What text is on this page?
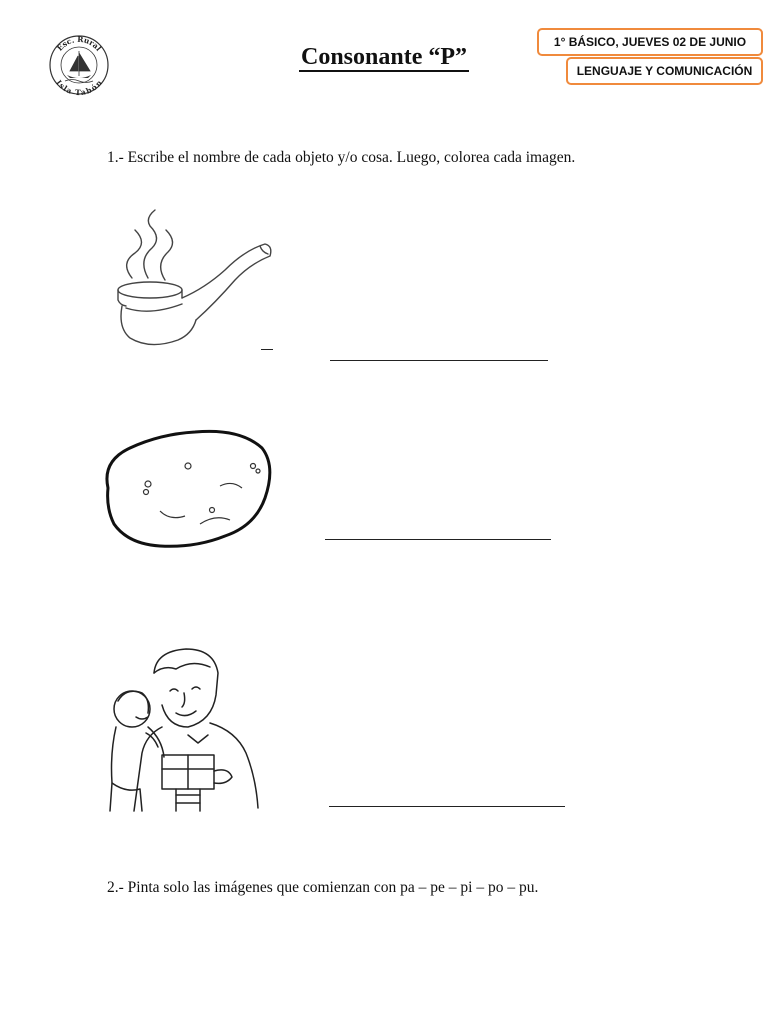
Esc. Rural
Isla Tabón
Consonante “P”
1° BÁSICO, JUEVES 02 DE JUNIO
LENGUAJE Y COMUNICACIÓN
1.- Escribe el nombre de cada objeto y/o cosa. Luego, colorea cada imagen.
2.- Pinta solo las imágenes que comienzan con pa – pe – pi – po – pu.
